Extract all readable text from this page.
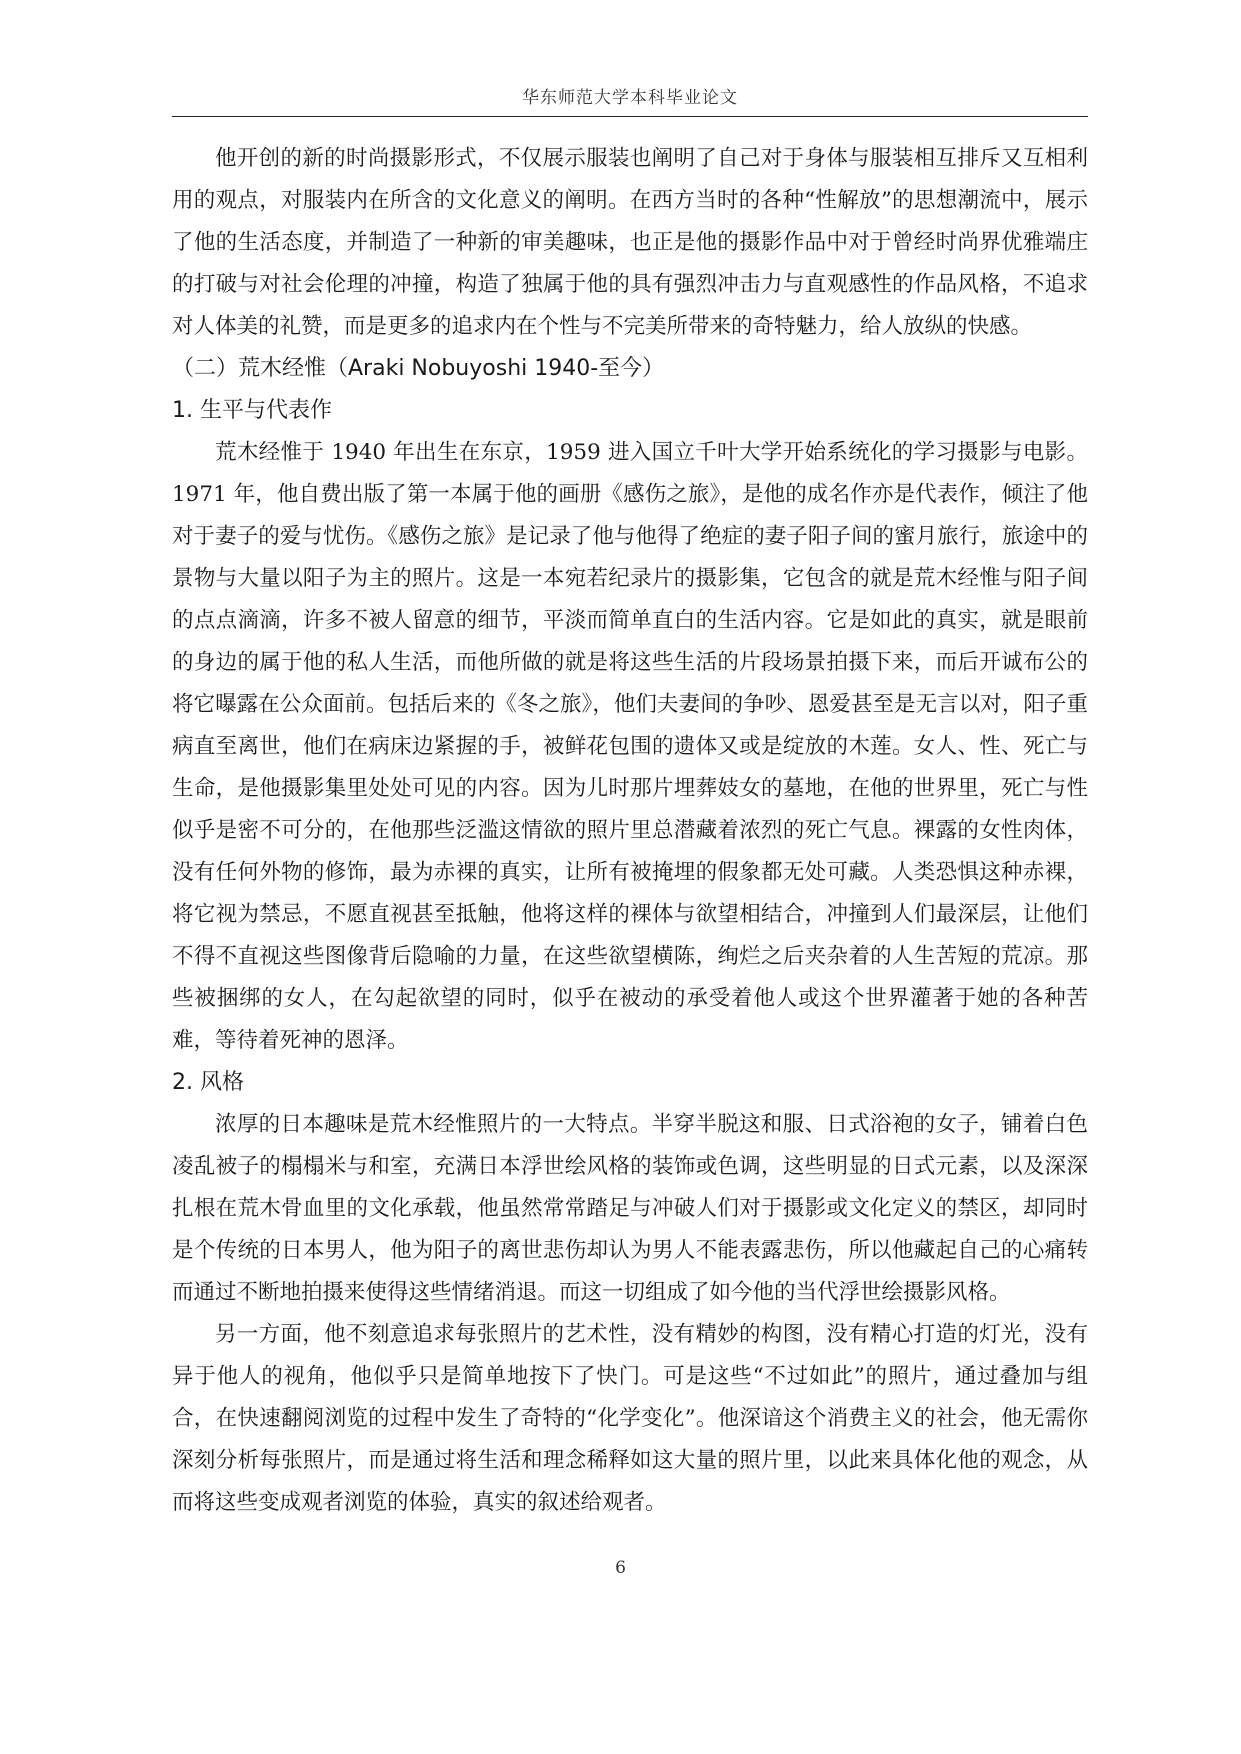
华东师范大学本科毕业论文

他开创的新的时尚摄影形式，不仅展示服装也阐明了自己对于身体与服装相互排斥又互相利用的观点，对服装内在所含的文化意义的阐明。在西方当时的各种“性解放”的思想潮流中，展示了他的生活态度，并制造了一种新的审美趣味，也正是他的摄影作品中对于曾经时尚界优雅端庄的打破与对社会伦理的冲撞，构造了独属于他的具有强烈冲击力与直观感性的作品风格，不追求对人体美的礼赞，而是更多的追求内在个性与不完美所带来的奇特魅力，给人放纵的快感。

（二）荒木经惟（Araki Nobuyoshi 1940-至今）
1. 生平与代表作

荒木经惟于 1940 年出生在东京，1959 进入国立千叶大学开始系统化的学习摄影与电影。1971 年，他自费出版了第一本属于他的画册《感伤之旅》，是他的成名作亦是代表作，倾注了他对于妻子的爱与忧伤。《感伤之旅》是记录了他与他得了绝症的妻子阳子间的蜜月旅行，旅途中的景物与大量以阳子为主的照片。这是一本宛若纪录片的摄影集，它包含的就是荒木经惟与阳子间的点点滴滴，许多不被人留意的细节，平淡而简单直白的生活内容。它是如此的真实，就是眼前的身边的属于他的私人生活，而他所做的就是将这些生活的片段场景拍摄下来，而后开诚布公的将它曝露在公众面前。包括后来的《冬之旅》，他们夫妻间的争吵、恩爱甚至是无言以对，阳子重病直至离世，他们在病床边紧握的手，被鲜花包围的遗体又或是绽放的木莲。女人、性、死亡与生命，是他摄影集里处处可见的内容。因为儿时那片埋葬妓女的墓地，在他的世界里，死亡与性似乎是密不可分的，在他那些泛滥这情欲的照片里总潜藏着浓烈的死亡气息。裸露的女性肉体，没有任何外物的修饰，最为赤裸的真实，让所有被掩埋的假象都无处可藏。人类恐惧这种赤裸，将它视为禁忌，不愿直视甚至抵触，他将这样的裸体与欲望相结合，冲撞到人们最深层，让他们不得不直视这些图像背后隐喻的力量，在这些欲望横陈，绚烂之后夹杂着的人生苦短的荒凉。那些被捆绑的女人，在勾起欲望的同时，似乎在被动的承受着他人或这个世界灌著于她的各种苦难，等待着死神的恩泽。

2. 风格

浓厚的日本趣味是荒木经惟照片的一大特点。半穿半脱这和服、日式浴袍的女子，铺着白色凌乱被子的榻榻米与和室，充满日本浮世绘风格的装饰或色调，这些明显的日式元素，以及深深扎根在荒木骨血里的文化承载，他虽然常常踏足与冲破人们对于摄影或文化定义的禁区，却同时是个传统的日本男人，他为阳子的离世悲伤却认为男人不能表露悲伤，所以他藏起自己的心痛转而通过不断地拍摄来使得这些情绪消退。而这一切组成了如今他的当代浮世绘摄影风格。

另一方面，他不刻意追求每张照片的艺术性，没有精妙的构图，没有精心打造的灯光，没有异于他人的视角，他似乎只是简单地按下了快门。可是这些“不过如此”的照片，通过叠加与组合，在快速翻阅浏览的过程中发生了奇特的“化学变化”。他深谙这个消费主义的社会，他无需你深刻分析每张照片，而是通过将生活和理念稀释如这大量的照片里，以此来具体化他的观念，从而将这些变成观者浏览的体验，真实的叙述给观者。

6
